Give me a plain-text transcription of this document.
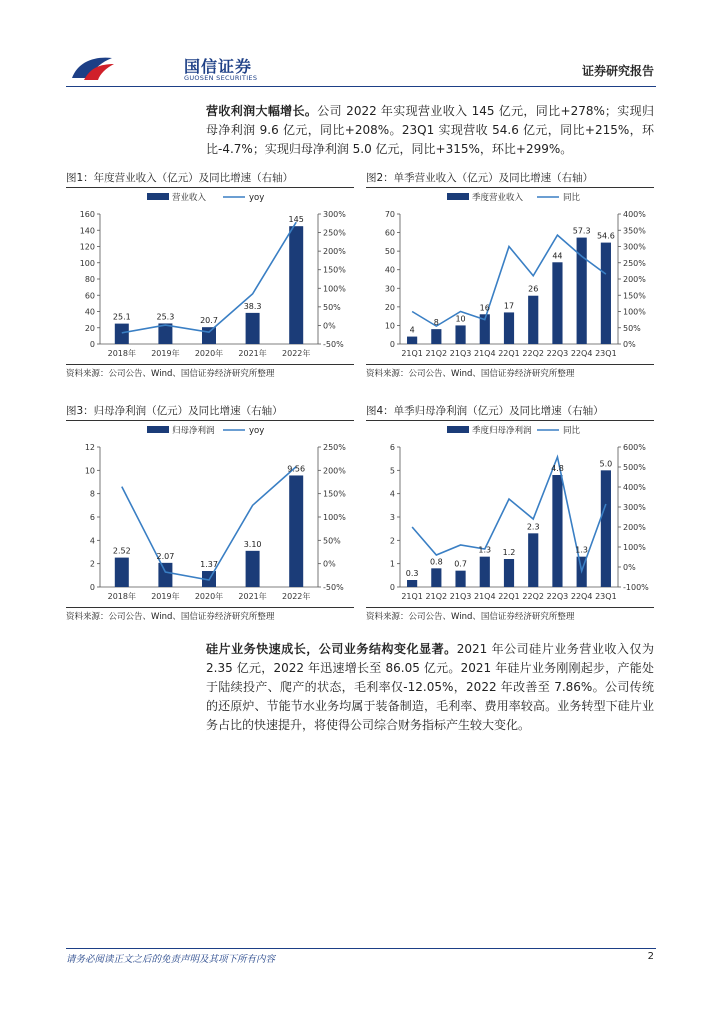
国信证券
GUOSEN SECURITIES	证券研究报告
营收利润大幅增长。公司 2022 年实现营业收入 145 亿元，同比+278%；实现归母净利润 9.6 亿元，同比+208%。23Q1 实现营收 54.6 亿元，同比+215%，环比-4.7%；实现归母净利润 5.0 亿元，同比+315%，环比+299%。
图1：年度营业收入（亿元）及同比增速（右轴）
0
20
40
60
80
100
120
140
160
-50%
0%
50%
100%
150%
200%
250%
300%
2018年 2019年 2020年 2021年 2022年
25.1	25.3	20.7
38.3
145
营业收入	yoy
资料来源：公司公告、Wind、国信证券经济研究所整理
图2：单季营业收入（亿元）及同比增速（右轴）
0
10
20
30
40
50
60
70
0%
50%
100%
150%
200%
250%
300%
350%
400%
21Q1 21Q2 21Q3 21Q4 22Q1 22Q2 22Q3 22Q4 23Q1
4
8 10
16 17
26
44
57.3
54.6
季度营业收入	同比
资料来源：公司公告、Wind、国信证券经济研究所整理
图3：归母净利润（亿元）及同比增速（右轴）
0
2
4
6
8
10
12
-50%
0%
50%
100%
150%
200%
250%
2018年 2019年 2020年 2021年 2022年
2.52
2.07
1.37
3.10
9.56
归母净利润	yoy
资料来源：公司公告、Wind、国信证券经济研究所整理
图4：单季归母净利润（亿元）及同比增速（右轴）
0
1
2
3
4
5
6
-100%
0%
100%
200%
300%
400%
500%
600%
21Q1 21Q2 21Q3 21Q4 22Q1 22Q2 22Q3 22Q4 23Q1
0.3
0.8 0.7
1.3 1.2
2.3
4.8
1.3
5.0
季度归母净利润	同比
资料来源：公司公告、Wind、国信证券经济研究所整理
硅片业务快速成长，公司业务结构变化显著。2021 年公司硅片业务营业收入仅为 2.35 亿元，2022 年迅速增长至 86.05 亿元。2021 年硅片业务刚刚起步，产能处于陆续投产、爬产的状态，毛利率仅-12.05%，2022 年改善至 7.86%。公司传统的还原炉、节能节水业务均属于装备制造，毛利率、费用率较高。业务转型下硅片业务占比的快速提升，将使得公司综合财务指标产生较大变化。
请务必阅读正文之后的免责声明及其项下所有内容	2
